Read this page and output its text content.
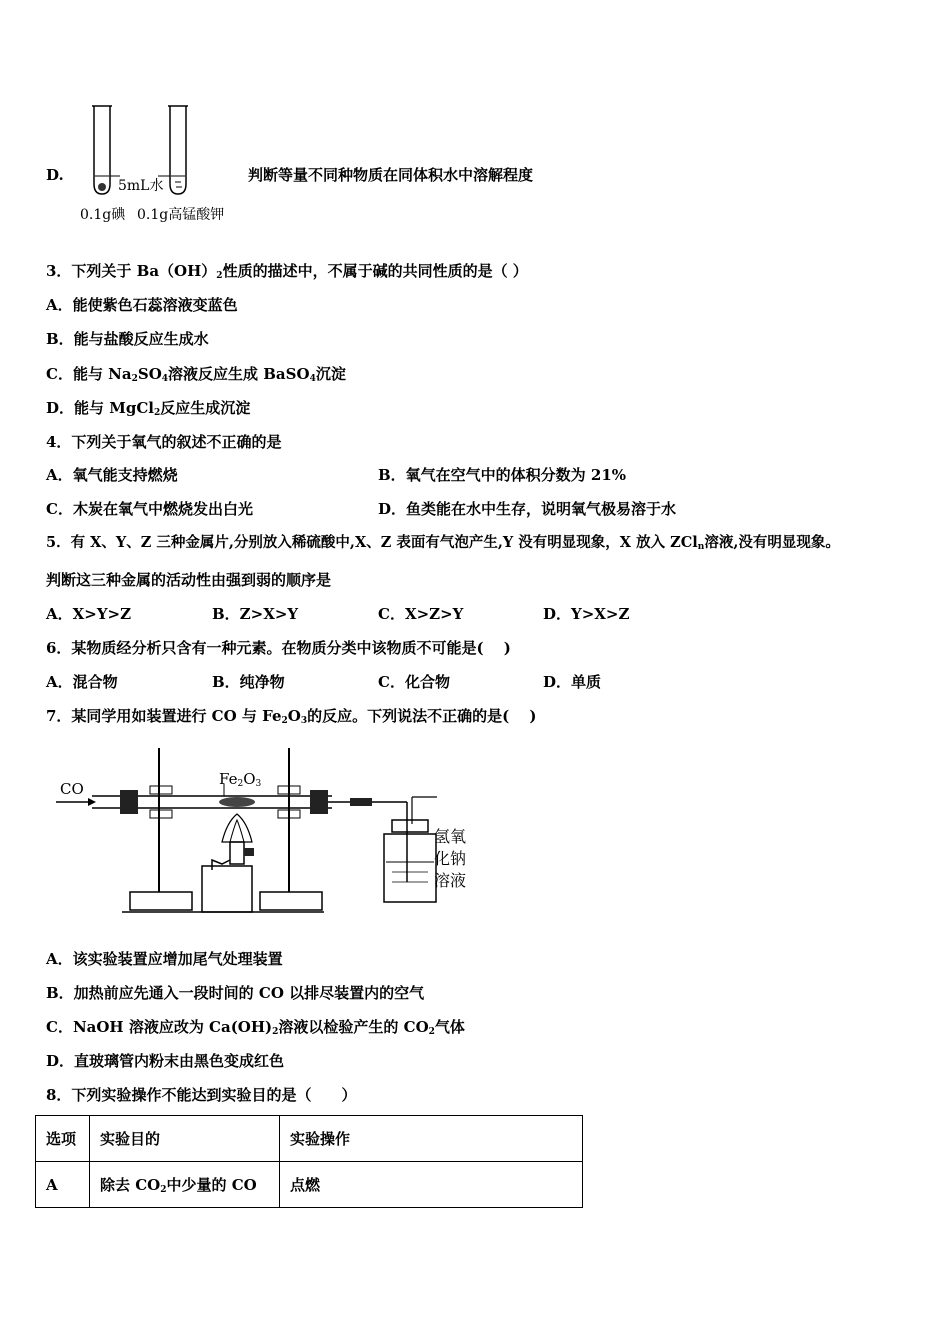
D.
5mL水
0.1g碘 0.1g高锰酸钾
判断等量不同种物质在同体积水中溶解程度
3．下列关于 $Ba(OH)_2$性质的描述中，不属于碱的共同性质的是（ ）
A．能使紫色石蕊溶液变蓝色
B．能与盐酸反应生成水
C．能与 $Na_2SO_4$溶液反应生成 BaSO$_4$沉淀
D．能与 MgCl$_2$反应生成沉淀
4．下列关于氧气的叙述不正确的是
A．氧气能支持燃烧	B．氧气在空气中的体积分数为 21%
C．木炭在氧气中燃烧发出白光	D．鱼类能在水中生存，说明氧气极易溶于水
5．有 X、Y、Z 三种金属片,分别放入稀硫酸中,X、Z 表面有气泡产生,Y 没有明显现象，X 放入 ZCl$_n$溶液,没有明显现象。
判断这三种金属的活动性由强到弱的顺序是
A．X>Y>Z	B．Z>X>Y	C．X>Z>Y	D．Y>X>Z
6．某物质经分析只含有一种元素。在物质分类中该物质不可能是(　 )
A．混合物	B．纯净物	C．化合物	D．单质
7．某同学用如装置进行 CO 与 $Fe_2O_3$的反应。下列说法不正确的是(　 )
CO
$Fe_2O_3$
氢氧
化钠
溶液
A．该实验装置应增加尾气处理装置
B．加热前应先通入一段时间的 CO 以排尽装置内的空气
C．NaOH 溶液应改为 $Ca(OH)_2$溶液以检验产生的 $CO_2$气体
D．直玻璃管内粉末由黑色变成红色
8．下列实验操作不能达到实验目的是（　　）
选项	实验目的	实验操作
A	除去 $CO_2$中少量的 CO	点燃
